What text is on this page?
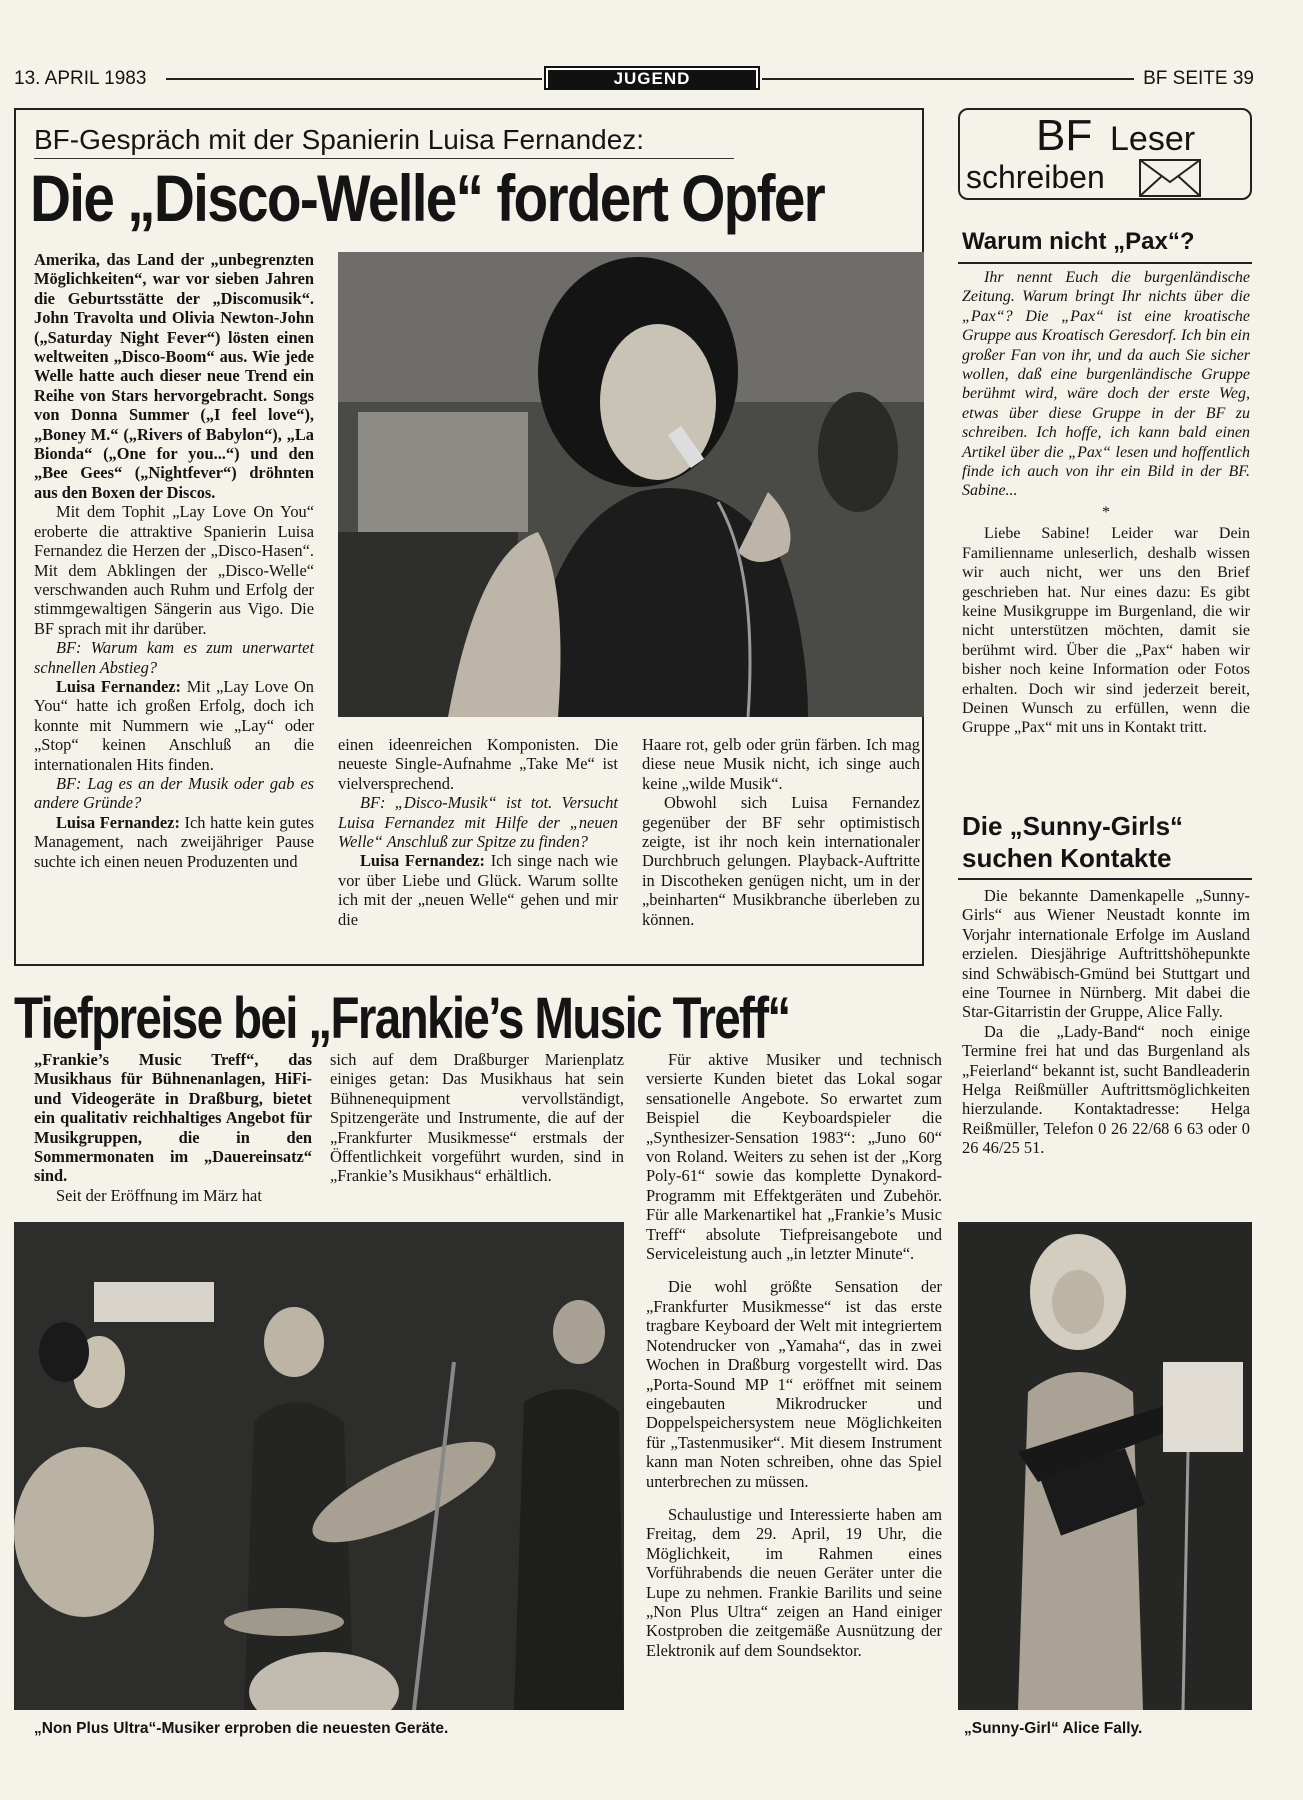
13. APRIL 1983	JUGEND	BF SEITE 39
BF-Gespräch mit der Spanierin Luisa Fernandez:
Die „Disco-Welle“ fordert Opfer

Amerika, das Land der „unbegrenzten Möglichkeiten“, war vor sieben Jahren die Geburtsstätte der „Discomusik“. John Travolta und Olivia Newton-John („Saturday Night Fever“) lösten einen weltweiten „Disco-Boom“ aus. Wie jede Welle hatte auch dieser neue Trend ein Reihe von Stars hervorgebracht. Songs von Donna Summer („I feel love“), „Boney M.“ („Rivers of Babylon“), „La Bionda“ („One for you...“) und den „Bee Gees“ („Nightfever“) dröhnten aus den Boxen der Discos.

Mit dem Tophit „Lay Love On You“ eroberte die attraktive Spanierin Luisa Fernandez die Herzen der „Disco-Hasen“. Mit dem Abklingen der „Disco-Welle“ verschwanden auch Ruhm und Erfolg der stimmgewaltigen Sängerin aus Vigo. Die BF sprach mit ihr darüber.

BF: Warum kam es zum unerwartet schnellen Abstieg?

Luisa Fernandez: Mit „Lay Love On You“ hatte ich großen Erfolg, doch ich konnte mit Nummern wie „Lay“ oder „Stop“ keinen Anschluß an die internationalen Hits finden.

BF: Lag es an der Musik oder gab es andere Gründe?

Luisa Fernandez: Ich hatte kein gutes Management, nach zweijähriger Pause suchte ich einen neuen Produzenten und

einen ideenreichen Komponisten. Die neueste Single-Aufnahme „Take Me“ ist vielversprechend.

BF: „Disco-Musik“ ist tot. Versucht Luisa Fernandez mit Hilfe der „neuen Welle“ Anschluß zur Spitze zu finden?

Luisa Fernandez: Ich singe nach wie vor über Liebe und Glück. Warum sollte ich mit der „neuen Welle“ gehen und mir die

Haare rot, gelb oder grün färben. Ich mag diese neue Musik nicht, ich singe auch keine „wilde Musik“.

Obwohl sich Luisa Fernandez gegenüber der BF sehr optimistisch zeigte, ist ihr noch kein internationaler Durchbruch gelungen. Playback-Auftritte in Discotheken genügen nicht, um in der „beinharten“ Musikbranche überleben zu können.

Tiefpreise bei „Frankie’s Music Treff“

„Frankie’s Music Treff“, das Musikhaus für Bühnenanlagen, HiFi- und Videogeräte in Draßburg, bietet ein qualitativ reichhaltiges Angebot für Musikgruppen, die in den Sommermonaten im „Dauereinsatz“ sind.

Seit der Eröffnung im März hat

sich auf dem Draßburger Marienplatz einiges getan: Das Musikhaus hat sein Bühnenequipment vervollständigt, Spitzengeräte und Instrumente, die auf der „Frankfurter Musikmesse“ erstmals der Öffentlichkeit vorgeführt wurden, sind in „Frankie’s Musikhaus“ erhältlich.

Für aktive Musiker und technisch versierte Kunden bietet das Lokal sogar sensationelle Angebote. So erwartet zum Beispiel die Keyboardspieler die „Synthesizer-Sensation 1983“: „Juno 60“ von Roland. Weiters zu sehen ist der „Korg Poly-61“ sowie das komplette Dynakord-Programm mit Effektgeräten und Zubehör. Für alle Markenartikel hat „Frankie’s Music Treff“ absolute Tiefpreisangebote und Serviceleistung auch „in letzter Minute“.

Die wohl größte Sensation der „Frankfurter Musikmesse“ ist das erste tragbare Keyboard der Welt mit integriertem Notendrucker von „Yamaha“, das in zwei Wochen in Draßburg vorgestellt wird. Das „Porta-Sound MP 1“ eröffnet mit seinem eingebauten Mikrodrucker und Doppelspeichersystem neue Möglichkeiten für „Tastenmusiker“. Mit diesem Instrument kann man Noten schreiben, ohne das Spiel unterbrechen zu müssen.

Schaulustige und Interessierte haben am Freitag, dem 29. April, 19 Uhr, die Möglichkeit, im Rahmen eines Vorführabends die neuen Geräter unter die Lupe zu nehmen. Frankie Barilits und seine „Non Plus Ultra“ zeigen an Hand einiger Kostproben die zeitgemäße Ausnützung der Elektronik auf dem Soundsektor.

„Non Plus Ultra“-Musiker erproben die neuesten Geräte.
BF Leser
schreiben
Warum nicht „Pax“?

Ihr nennt Euch die burgenländische Zeitung. Warum bringt Ihr nichts über die „Pax“? Die „Pax“ ist eine kroatische Gruppe aus Kroatisch Geresdorf. Ich bin ein großer Fan von ihr, und da auch Sie sicher wollen, daß eine burgenländische Gruppe berühmt wird, wäre doch der erste Weg, etwas über diese Gruppe in der BF zu schreiben. Ich hoffe, ich kann bald einen Artikel über die „Pax“ lesen und hoffentlich finde ich auch von ihr ein Bild in der BF. Sabine...

*

Liebe Sabine! Leider war Dein Familienname unleserlich, deshalb wissen wir auch nicht, wer uns den Brief geschrieben hat. Nur eines dazu: Es gibt keine Musikgruppe im Burgenland, die wir nicht unterstützen möchten, damit sie berühmt wird. Über die „Pax“ haben wir bisher noch keine Information oder Fotos erhalten. Doch wir sind jederzeit bereit, Deinen Wunsch zu erfüllen, wenn die Gruppe „Pax“ mit uns in Kontakt tritt.

Die „Sunny-Girls“
suchen Kontakte

Die bekannte Damenkapelle „Sunny-Girls“ aus Wiener Neustadt konnte im Vorjahr internationale Erfolge im Ausland erzielen. Diesjährige Auftrittshöhepunkte sind Schwäbisch-Gmünd bei Stuttgart und eine Tournee in Nürnberg. Mit dabei die Star-Gitarristin der Gruppe, Alice Fally.

Da die „Lady-Band“ noch einige Termine frei hat und das Burgenland als „Feierland“ bekannt ist, sucht Bandleaderin Helga Reißmüller Auftrittsmöglichkeiten hierzulande. Kontaktadresse: Helga Reißmüller, Telefon 0 26 22/68 6 63 oder 0 26 46/25 51.

„Sunny-Girl“ Alice Fally.
